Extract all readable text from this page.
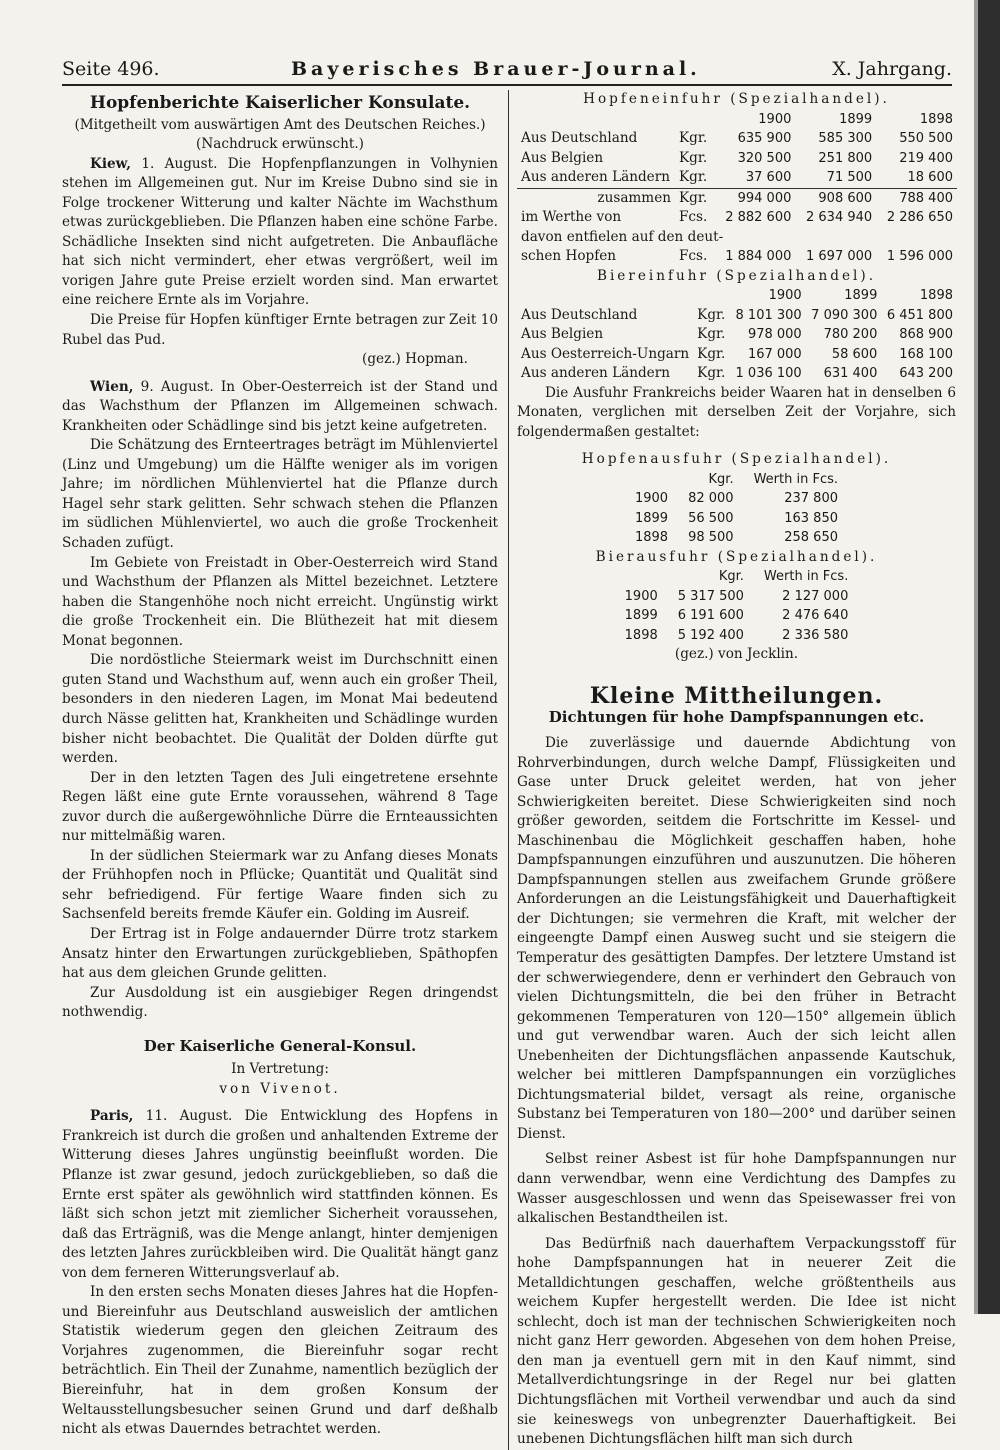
Seite 496.	Bayerisches Brauer-Journal.	X. Jahrgang.
Hopfenberichte Kaiserlicher Konsulate.
(Mitgetheilt vom auswärtigen Amt des Deutschen Reiches.)
(Nachdruck erwünscht.)

Kiew, 1. August. Die Hopfenpflanzungen in Volhynien stehen im Allgemeinen gut. Nur im Kreise Dubno sind sie in Folge trockener Witterung und kalter Nächte im Wachsthum etwas zurückgeblieben. Die Pflanzen haben eine schöne Farbe. Schädliche Insekten sind nicht aufgetreten. Die Anbaufläche hat sich nicht vermindert, eher etwas vergrößert, weil im vorigen Jahre gute Preise erzielt worden sind. Man erwartet eine reichere Ernte als im Vorjahre.

Die Preise für Hopfen künftiger Ernte betragen zur Zeit 10 Rubel das Pud.

(gez.) Hopman.

Wien, 9. August. In Ober-Oesterreich ist der Stand und das Wachsthum der Pflanzen im Allgemeinen schwach. Krankheiten oder Schädlinge sind bis jetzt keine aufgetreten.

Die Schätzung des Ernteertrages beträgt im Mühlenviertel (Linz und Umgebung) um die Hälfte weniger als im vorigen Jahre; im nördlichen Mühlenviertel hat die Pflanze durch Hagel sehr stark gelitten. Sehr schwach stehen die Pflanzen im südlichen Mühlenviertel, wo auch die große Trockenheit Schaden zufügt.

Im Gebiete von Freistadt in Ober-Oesterreich wird Stand und Wachsthum der Pflanzen als Mittel bezeichnet. Letztere haben die Stangenhöhe noch nicht erreicht. Ungünstig wirkt die große Trockenheit ein. Die Blüthezeit hat mit diesem Monat begonnen.

Die nordöstliche Steiermark weist im Durchschnitt einen guten Stand und Wachsthum auf, wenn auch ein großer Theil, besonders in den niederen Lagen, im Monat Mai bedeutend durch Nässe gelitten hat, Krankheiten und Schädlinge wurden bisher nicht beobachtet. Die Qualität der Dolden dürfte gut werden.

Der in den letzten Tagen des Juli eingetretene ersehnte Regen läßt eine gute Ernte voraussehen, während 8 Tage zuvor durch die außergewöhnliche Dürre die Ernteaussichten nur mittelmäßig waren.

In der südlichen Steiermark war zu Anfang dieses Monats der Frühhopfen noch in Pflücke; Quantität und Qualität sind sehr befriedigend. Für fertige Waare finden sich zu Sachsenfeld bereits fremde Käufer ein. Golding im Ausreif.

Der Ertrag ist in Folge andauernder Dürre trotz starkem Ansatz hinter den Erwartungen zurückgeblieben, Spāthopfen hat aus dem gleichen Grunde gelitten.

Zur Ausdoldung ist ein ausgiebiger Regen dringendst nothwendig.

Der Kaiserliche General-Konsul.
In Vertretung:
von Vivenot.

Paris, 11. August. Die Entwicklung des Hopfens in Frankreich ist durch die großen und anhaltenden Extreme der Witterung dieses Jahres ungünstig beeinflußt worden. Die Pflanze ist zwar gesund, jedoch zurückgeblieben, so daß die Ernte erst später als gewöhnlich wird stattfinden können. Es läßt sich schon jetzt mit ziemlicher Sicherheit voraussehen, daß das Erträgniß, was die Menge anlangt, hinter demjenigen des letzten Jahres zurückbleiben wird. Die Qualität hängt ganz von dem ferneren Witterungsverlauf ab.

In den ersten sechs Monaten dieses Jahres hat die Hopfen- und Biereinfuhr aus Deutschland ausweislich der amtlichen Statistik wiederum gegen den gleichen Zeitraum des Vorjahres zugenommen, die Biereinfuhr sogar recht beträchtlich. Ein Theil der Zunahme, namentlich bezüglich der Biereinfuhr, hat in dem großen Konsum der Weltausstellungsbesucher seinen Grund und darf deßhalb nicht als etwas Dauerndes betrachtet werden.

Hopfeneinfuhr (Spezialhandel).
		1900	1899	1898
Aus Deutschland	Kgr.	635 900	585 300	550 500
Aus Belgien	Kgr.	320 500	251 800	219 400
Aus anderen Ländern	Kgr.	37 600	71 500	18 600
zusammen	Kgr.	994 000	908 600	788 400
im Werthe von	Fcs.	2 882 600	2 634 940	2 286 650
davon entfielen auf den deut-				
schen Hopfen	Fcs.	1 884 000	1 697 000	1 596 000
Biereinfuhr (Spezialhandel).
		1900	1899	1898
Aus Deutschland	Kgr.	8 101 300	7 090 300	6 451 800
Aus Belgien	Kgr.	978 000	780 200	868 900
Aus Oesterreich-Ungarn	Kgr.	167 000	58 600	168 100
Aus anderen Ländern	Kgr.	1 036 100	631 400	643 200

Die Ausfuhr Frankreichs beider Waaren hat in denselben 6 Monaten, verglichen mit derselben Zeit der Vorjahre, sich folgendermaßen gestaltet:

Hopfenausfuhr (Spezialhandel).
	Kgr.	Werth in Fcs.
1900	82 000	237 800
1899	56 500	163 850
1898	98 500	258 650
Bierausfuhr (Spezialhandel).
	Kgr.	Werth in Fcs.
1900	5 317 500	2 127 000
1899	6 191 600	2 476 640
1898	5 192 400	2 336 580
(gez.) von Jecklin.
Kleine Mittheilungen.
Dichtungen für hohe Dampfspannungen etc.

Die zuverlässige und dauernde Abdichtung von Rohrverbindungen, durch welche Dampf, Flüssigkeiten und Gase unter Druck geleitet werden, hat von jeher Schwierigkeiten bereitet. Diese Schwierigkeiten sind noch größer geworden, seitdem die Fortschritte im Kessel- und Maschinenbau die Möglichkeit geschaffen haben, hohe Dampfspannungen einzuführen und auszunutzen. Die höheren Dampfspannungen stellen aus zweifachem Grunde größere Anforderungen an die Leistungsfähigkeit und Dauerhaftigkeit der Dichtungen; sie vermehren die Kraft, mit welcher der eingeengte Dampf einen Ausweg sucht und sie steigern die Temperatur des gesättigten Dampfes. Der letztere Umstand ist der schwerwiegendere, denn er verhindert den Gebrauch von vielen Dichtungsmitteln, die bei den früher in Betracht gekommenen Temperaturen von 120—150° allgemein üblich und gut verwendbar waren. Auch der sich leicht allen Unebenheiten der Dichtungsflächen anpassende Kautschuk, welcher bei mittleren Dampfspannungen ein vorzügliches Dichtungsmaterial bildet, versagt als reine, organische Substanz bei Temperaturen von 180—200° und darüber seinen Dienst.

Selbst reiner Asbest ist für hohe Dampfspannungen nur dann verwendbar, wenn eine Verdichtung des Dampfes zu Wasser ausgeschlossen und wenn das Speisewasser frei von alkalischen Bestandtheilen ist.

Das Bedürfniß nach dauerhaftem Verpackungsstoff für hohe Dampfspannungen hat in neuerer Zeit die Metalldichtungen geschaffen, welche größtentheils aus weichem Kupfer hergestellt werden. Die Idee ist nicht schlecht, doch ist man der technischen Schwierigkeiten noch nicht ganz Herr geworden. Abgesehen von dem hohen Preise, den man ja eventuell gern mit in den Kauf nimmt, sind Metallverdichtungsringe in der Regel nur bei glatten Dichtungsflächen mit Vortheil verwendbar und auch da sind sie keineswegs von unbegrenzter Dauerhaftigkeit. Bei unebenen Dichtungsflächen hilft man sich durch
